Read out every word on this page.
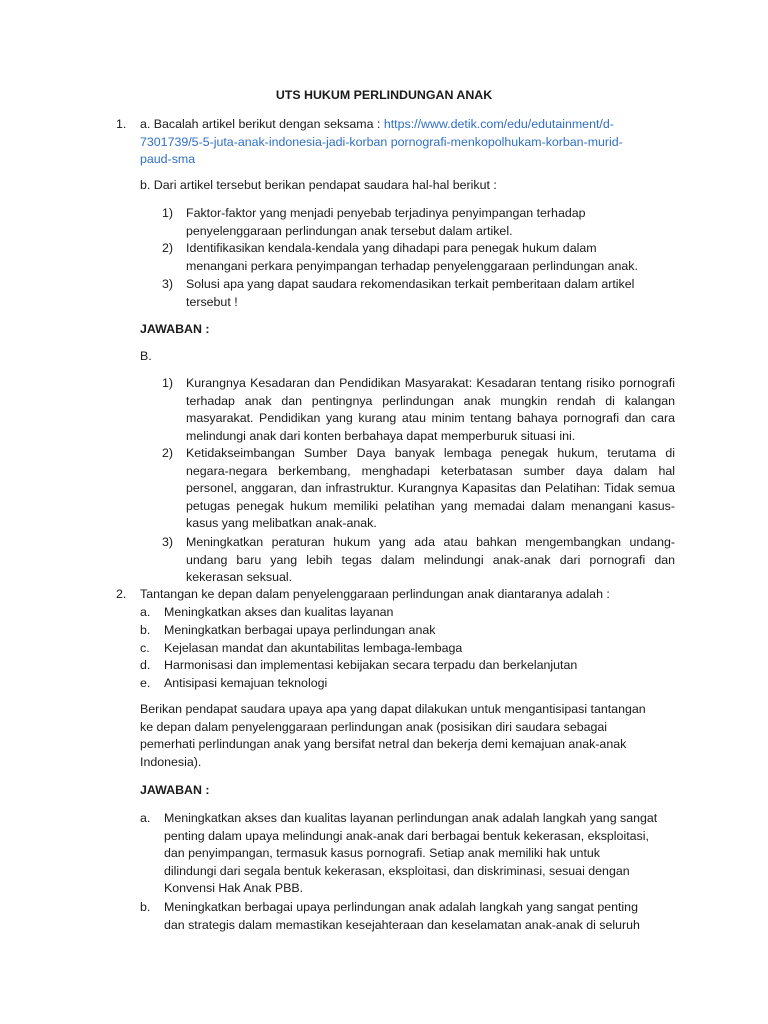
UTS HUKUM PERLINDUNGAN ANAK
1. a. Bacalah artikel berikut dengan seksama : https://www.detik.com/edu/edutainment/d-
7301739/5-5-juta-anak-indonesia-jadi-korban pornografi-menkopolhukam-korban-murid-
paud-sma
b. Dari artikel tersebut berikan pendapat saudara hal-hal berikut :
1) Faktor-faktor yang menjadi penyebab terjadinya penyimpangan terhadap
penyelenggaraan perlindungan anak tersebut dalam artikel.
2) Identifikasikan kendala-kendala yang dihadapi para penegak hukum dalam
menangani perkara penyimpangan terhadap penyelenggaraan perlindungan anak.
3) Solusi apa yang dapat saudara rekomendasikan terkait pemberitaan dalam artikel
tersebut !
JAWABAN :
B.
1) Kurangnya Kesadaran dan Pendidikan Masyarakat: Kesadaran tentang risiko pornografi terhadap anak dan pentingnya perlindungan anak mungkin rendah di kalangan masyarakat. Pendidikan yang kurang atau minim tentang bahaya pornografi dan cara melindungi anak dari konten berbahaya dapat memperburuk situasi ini.
2) Ketidakseimbangan Sumber Daya banyak lembaga penegak hukum, terutama di negara-negara berkembang, menghadapi keterbatasan sumber daya dalam hal personel, anggaran, dan infrastruktur. Kurangnya Kapasitas dan Pelatihan: Tidak semua petugas penegak hukum memiliki pelatihan yang memadai dalam menangani kasus-kasus yang melibatkan anak-anak.
3) Meningkatkan peraturan hukum yang ada atau bahkan mengembangkan undang-undang baru yang lebih tegas dalam melindungi anak-anak dari pornografi dan kekerasan seksual.
2. Tantangan ke depan dalam penyelenggaraan perlindungan anak diantaranya adalah :
a. Meningkatkan akses dan kualitas layanan
b. Meningkatkan berbagai upaya perlindungan anak
c. Kejelasan mandat dan akuntabilitas lembaga-lembaga
d. Harmonisasi dan implementasi kebijakan secara terpadu dan berkelanjutan
e. Antisipasi kemajuan teknologi
Berikan pendapat saudara upaya apa yang dapat dilakukan untuk mengantisipasi tantangan
ke depan dalam penyelenggaraan perlindungan anak (posisikan diri saudara sebagai
pemerhati perlindungan anak yang bersifat netral dan bekerja demi kemajuan anak-anak
Indonesia).
JAWABAN :
a. Meningkatkan akses dan kualitas layanan perlindungan anak adalah langkah yang sangat
penting dalam upaya melindungi anak-anak dari berbagai bentuk kekerasan, eksploitasi,
dan penyimpangan, termasuk kasus pornografi. Setiap anak memiliki hak untuk
dilindungi dari segala bentuk kekerasan, eksploitasi, dan diskriminasi, sesuai dengan
Konvensi Hak Anak PBB.
b. Meningkatkan berbagai upaya perlindungan anak adalah langkah yang sangat penting
dan strategis dalam memastikan kesejahteraan dan keselamatan anak-anak di seluruh
